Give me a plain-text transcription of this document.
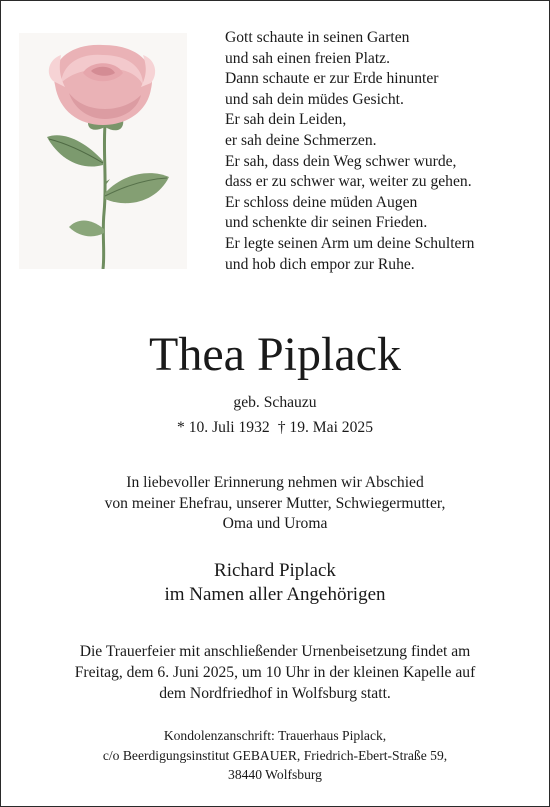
Gott schaute in seinen Garten
und sah einen freien Platz.
Dann schaute er zur Erde hinunter
und sah dein müdes Gesicht.
Er sah dein Leiden,
er sah deine Schmerzen.
Er sah, dass dein Weg schwer wurde,
dass er zu schwer war, weiter zu gehen.
Er schloss deine müden Augen
und schenkte dir seinen Frieden.
Er legte seinen Arm um deine Schultern
und hob dich empor zur Ruhe.
Thea Piplack
geb. Schauzu
* 10. Juli 1932 † 19. Mai 2025
In liebevoller Erinnerung nehmen wir Abschied
von meiner Ehefrau, unserer Mutter, Schwiegermutter,
Oma und Uroma
Richard Piplack
im Namen aller Angehörigen
Die Trauerfeier mit anschließender Urnenbeisetzung findet am
Freitag, dem 6. Juni 2025, um 10 Uhr in der kleinen Kapelle auf
dem Nordfriedhof in Wolfsburg statt.
Kondolenzanschrift: Trauerhaus Piplack,
c/o Beerdigungsinstitut GEBAUER, Friedrich-Ebert-Straße 59,
38440 Wolfsburg
